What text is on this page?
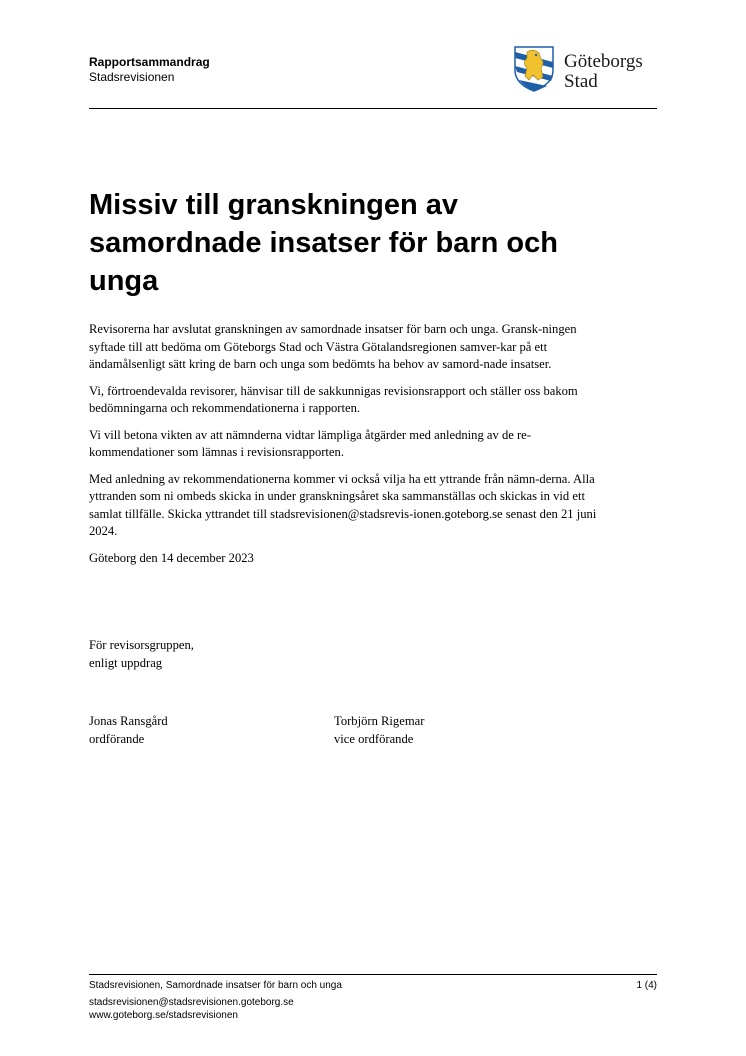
Rapportsammandrag
Stadsrevisionen
Göteborgs
Stad
Missiv till granskningen av samordnade insatser för barn och unga

Revisorerna har avslutat granskningen av samordnade insatser för barn och unga. Gransk-ningen syftade till att bedöma om Göteborgs Stad och Västra Götalandsregionen samver-kar på ett ändamålsenligt sätt kring de barn och unga som bedömts ha behov av samord-nade insatser.

Vi, förtroendevalda revisorer, hänvisar till de sakkunnigas revisionsrapport och ställer oss bakom bedömningarna och rekommendationerna i rapporten.

Vi vill betona vikten av att nämnderna vidtar lämpliga åtgärder med anledning av de re-kommendationer som lämnas i revisionsrapporten.

Med anledning av rekommendationerna kommer vi också vilja ha ett yttrande från nämn-derna. Alla yttranden som ni ombeds skicka in under granskningsåret ska sammanställas och skickas in vid ett samlat tillfälle. Skicka yttrandet till stadsrevisionen@stadsrevis-ionen.goteborg.se senast den 21 juni 2024.

Göteborg den 14 december 2023

För revisorsgruppen,
enligt uppdrag
Jonas Ransgård
ordförande
Torbjörn Rigemar
vice ordförande
Stadsrevisionen, Samordnade insatser för barn och unga	1 (4)
stadsrevisionen@stadsrevisionen.goteborg.se
www.goteborg.se/stadsrevisionen
